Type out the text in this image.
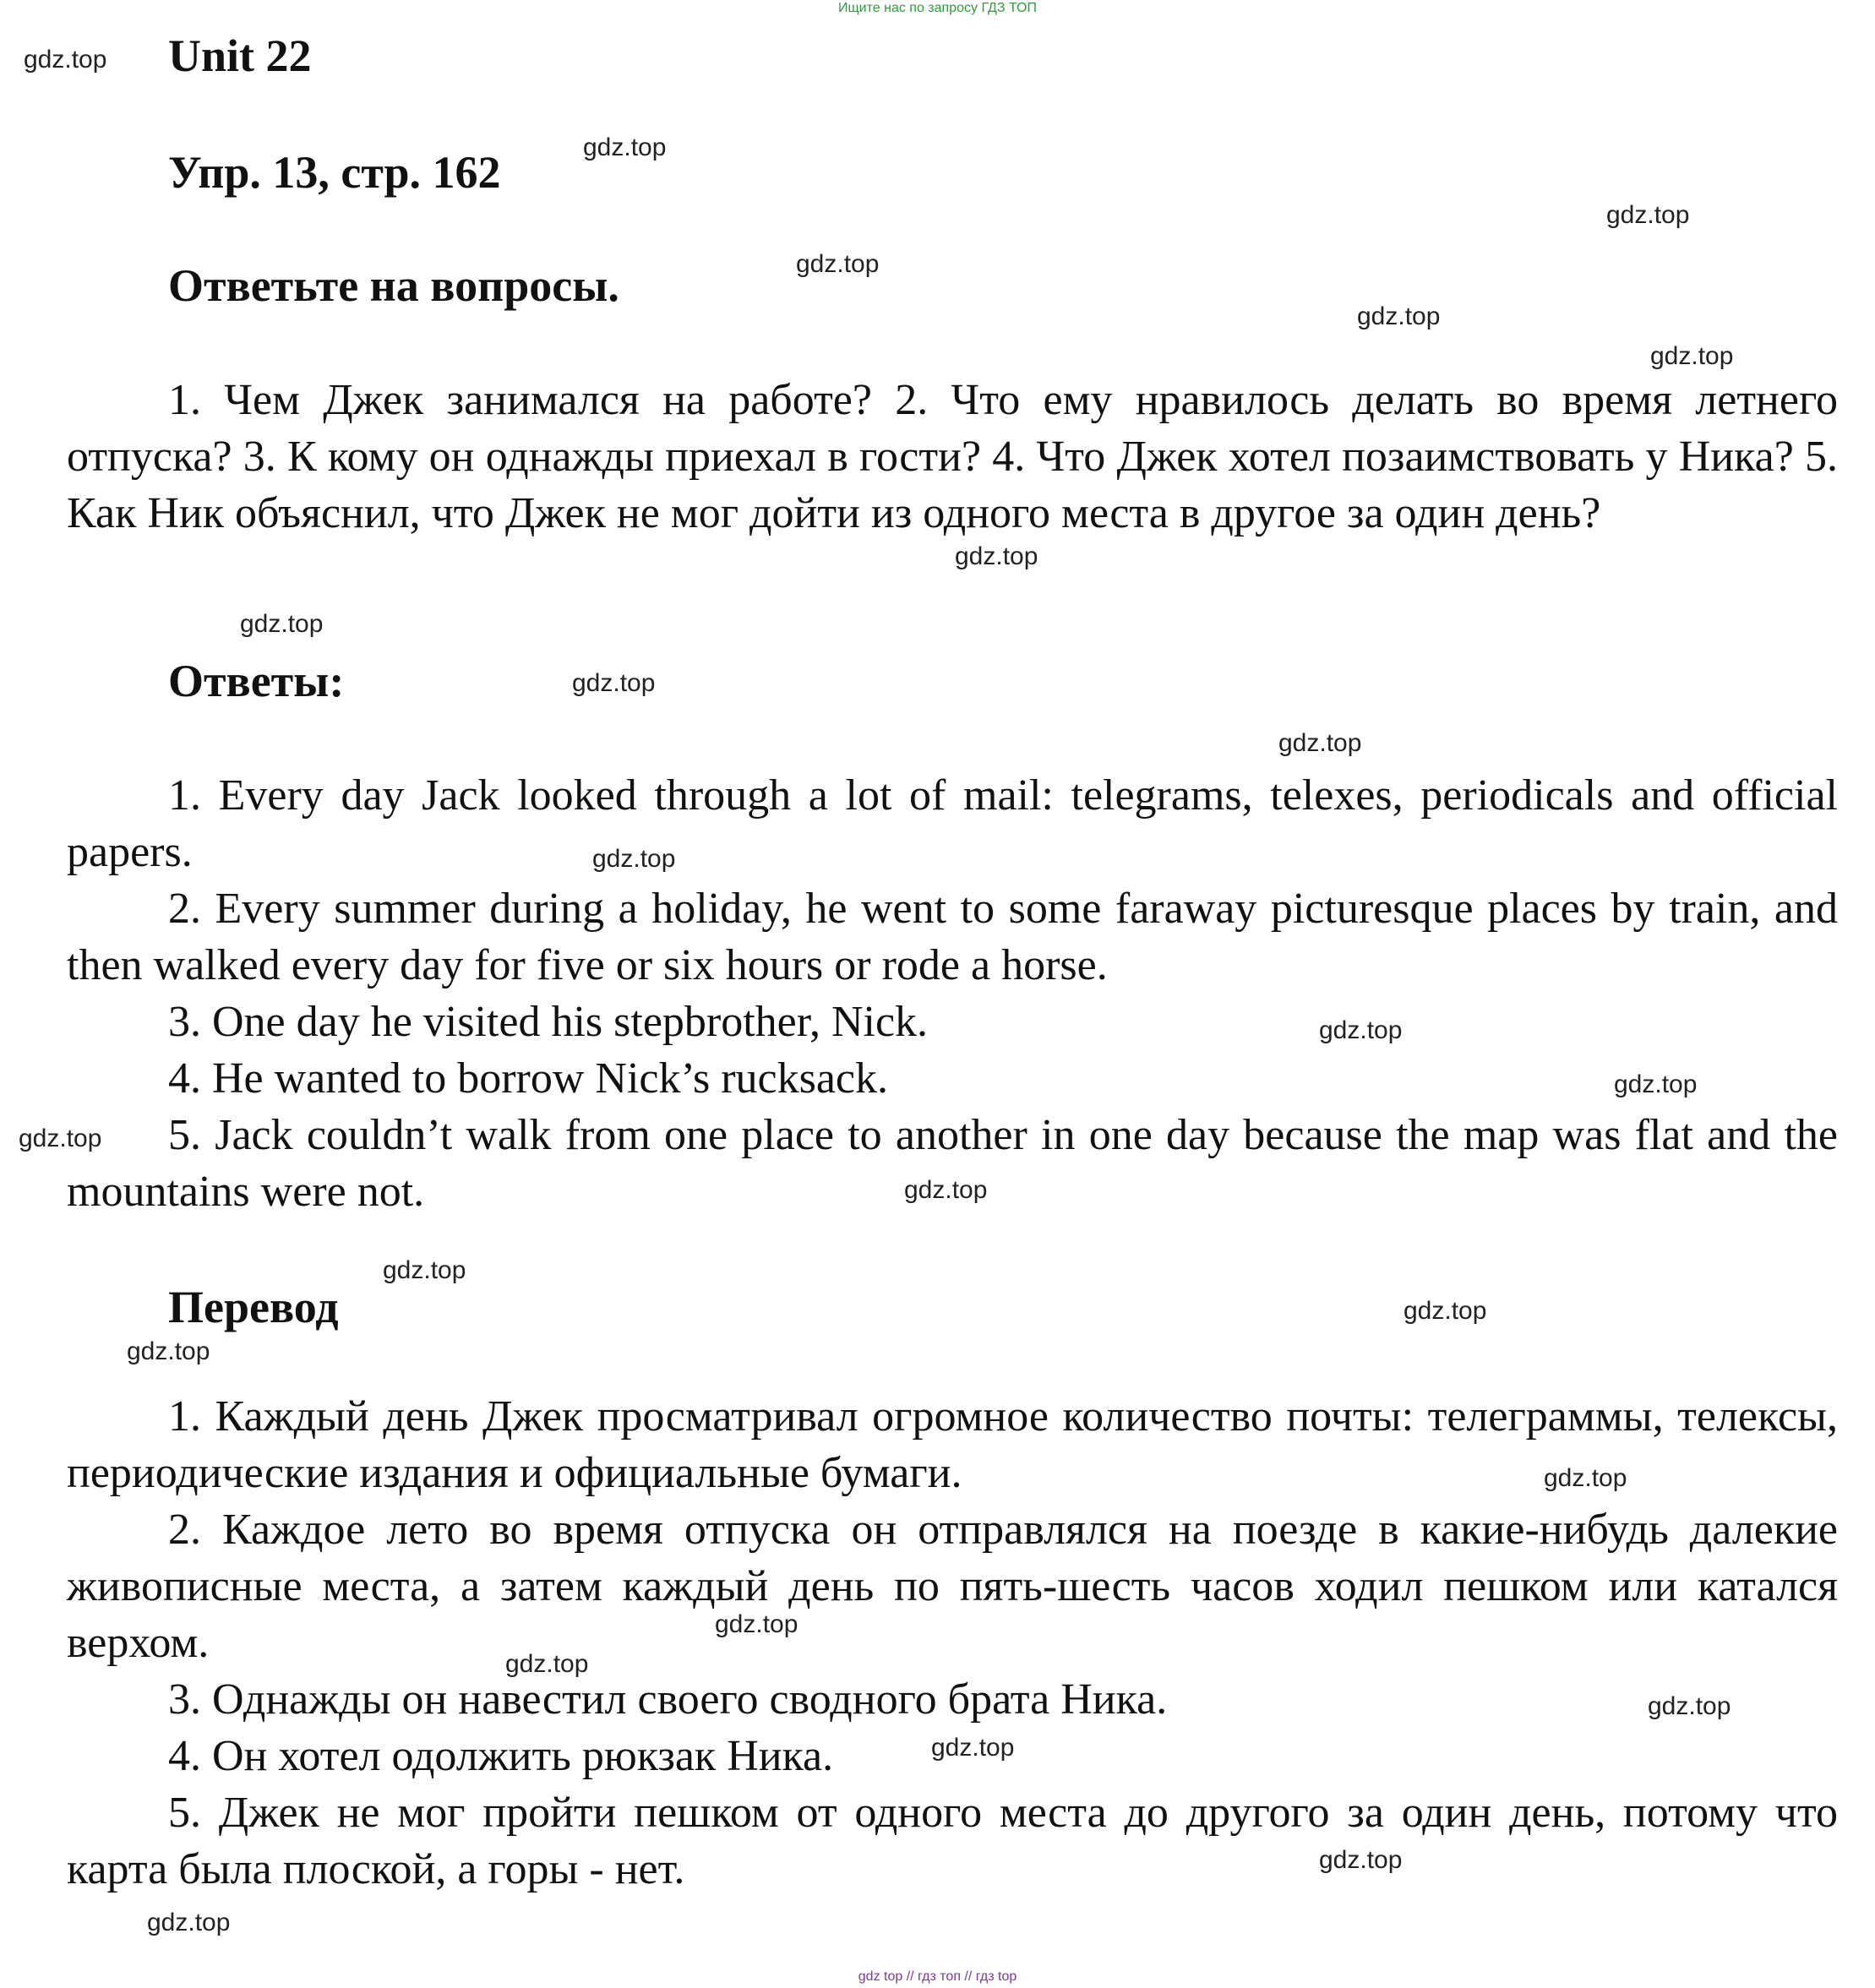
Ищите нас по запросу ГДЗ ТОП
Unit 22
Упр. 13, стр. 162
Ответьте на вопросы.

1. Чем Джек занимался на работе? 2. Что ему нравилось делать во время летнего отпуска? 3. К кому он однажды приехал в гости? 4. Что Джек хотел позаимствовать у Ника? 5. Как Ник объяснил, что Джек не мог дойти из одного места в другое за один день?

Ответы:

1. Every day Jack looked through a lot of mail: telegrams, telexes, periodicals and official papers.

2. Every summer during a holiday, he went to some faraway picturesque places by train, and then walked every day for five or six hours or rode a horse.

3. One day he visited his stepbrother, Nick.

4. He wanted to borrow Nick’s rucksack.

5. Jack couldn’t walk from one place to another in one day because the map was flat and the mountains were not.

Перевод

1. Каждый день Джек просматривал огромное количество почты: телеграммы, телексы, периодические издания и официальные бумаги.

2. Каждое лето во время отпуска он отправлялся на поезде в какие-нибудь далекие живописные места, а затем каждый день по пять-шесть часов ходил пешком или катался верхом.

3. Однажды он навестил своего сводного брата Ника.

4. Он хотел одолжить рюкзак Ника.

5. Джек не мог пройти пешком от одного места до другого за один день, потому что карта была плоской, а горы - нет.

gdz.top
gdz.top
gdz.top
gdz.top
gdz.top
gdz.top
gdz.top
gdz.top
gdz.top
gdz.top
gdz.top
gdz.top
gdz.top
gdz.top
gdz.top
gdz.top
gdz.top
gdz.top
gdz.top
gdz.top
gdz.top
gdz.top
gdz.top
gdz.top
gdz.top
gdz top // гдз топ // гдз top
